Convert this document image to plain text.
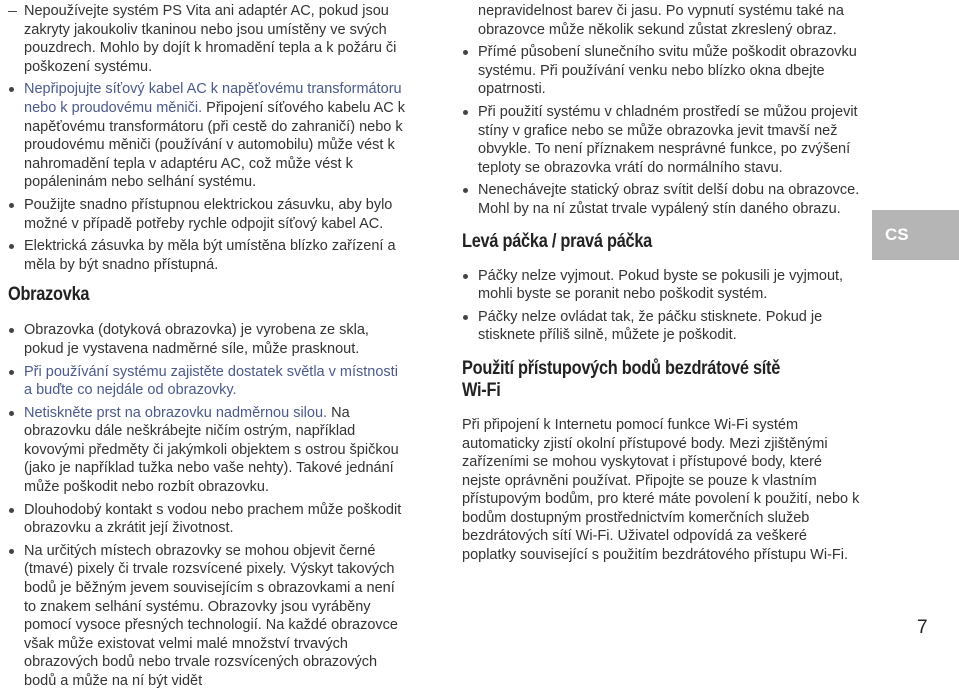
Nepoužívejte systém PS Vita ani adaptér AC, pokud jsou zakryty jakoukoliv tkaninou nebo jsou umístěny ve svých pouzdrech. Mohlo by dojít k hromadění tepla a k požáru či poškození systému.
Nepřipojujte síťový kabel AC k napěťovému transformátoru nebo k proudovému měniči. Připojení síťového kabelu AC k napěťovému transformátoru (při cestě do zahraničí) nebo k proudovému měniči (používání v automobilu) může vést k nahromadění tepla v adaptéru AC, což může vést k popáleninám nebo selhání systému.
Použijte snadno přístupnou elektrickou zásuvku, aby bylo možné v případě potřeby rychle odpojit síťový kabel AC.
Elektrická zásuvka by měla být umístěna blízko zařízení a měla by být snadno přístupná.
Obrazovka
Obrazovka (dotyková obrazovka) je vyrobena ze skla, pokud je vystavena nadměrné síle, může prasknout.
Při používání systému zajistěte dostatek světla v místnosti a buďte co nejdále od obrazovky.
Netiskněte prst na obrazovku nadměrnou silou. Na obrazovku dále neškrábejte ničím ostrým, například kovovými předměty či jakýmkoli objektem s ostrou špičkou (jako je například tužka nebo vaše nehty). Takové jednání může poškodit nebo rozbít obrazovku.
Dlouhodobý kontakt s vodou nebo prachem může poškodit obrazovku a zkrátit její životnost.
Na určitých místech obrazovky se mohou objevit černé (tmavé) pixely či trvale rozsvícené pixely. Výskyt takových bodů je běžným jevem souvisejícím s obrazovkami a není to znakem selhání systému. Obrazovky jsou vyráběny pomocí vysoce přesných technologií. Na každé obrazovce však může existovat velmi malé množství trvavých obrazových bodů nebo trvale rozsvícených obrazových bodů a může na ní být vidět
nepravidelnost barev či jasu. Po vypnutí systému také na obrazovce může několik sekund zůstat zkreslený obraz.
Přímé působení slunečního svitu může poškodit obrazovku systému. Při používání venku nebo blízko okna dbejte opatrnosti.
Při použití systému v chladném prostředí se můžou projevit stíny v grafice nebo se může obrazovka jevit tmavší než obvykle. To není příznakem nesprávné funkce, po zvýšení teploty se obrazovka vrátí do normálního stavu.
Nenechávejte statický obraz svítit delší dobu na obrazovce. Mohl by na ní zůstat trvale vypálený stín daného obrazu.
Levá páčka / pravá páčka
Páčky nelze vyjmout. Pokud byste se pokusili je vyjmout, mohli byste se poranit nebo poškodit systém.
Páčky nelze ovládat tak, že páčku stisknete. Pokud je stisknete příliš silně, můžete je poškodit.
Použití přístupových bodů bezdrátové sítě Wi-Fi

Při připojení k Internetu pomocí funkce Wi-Fi systém automaticky zjistí okolní přístupové body. Mezi zjištěnými zařízeními se mohou vyskytovat i přístupové body, které nejste oprávněni používat. Připojte se pouze k vlastním přístupovým bodům, pro které máte povolení k použití, nebo k bodům dostupným prostřednictvím komerčních služeb bezdrátových sítí Wi-Fi. Uživatel odpovídá za veškeré poplatky související s použitím bezdrátového přístupu Wi-Fi.

CS
7
